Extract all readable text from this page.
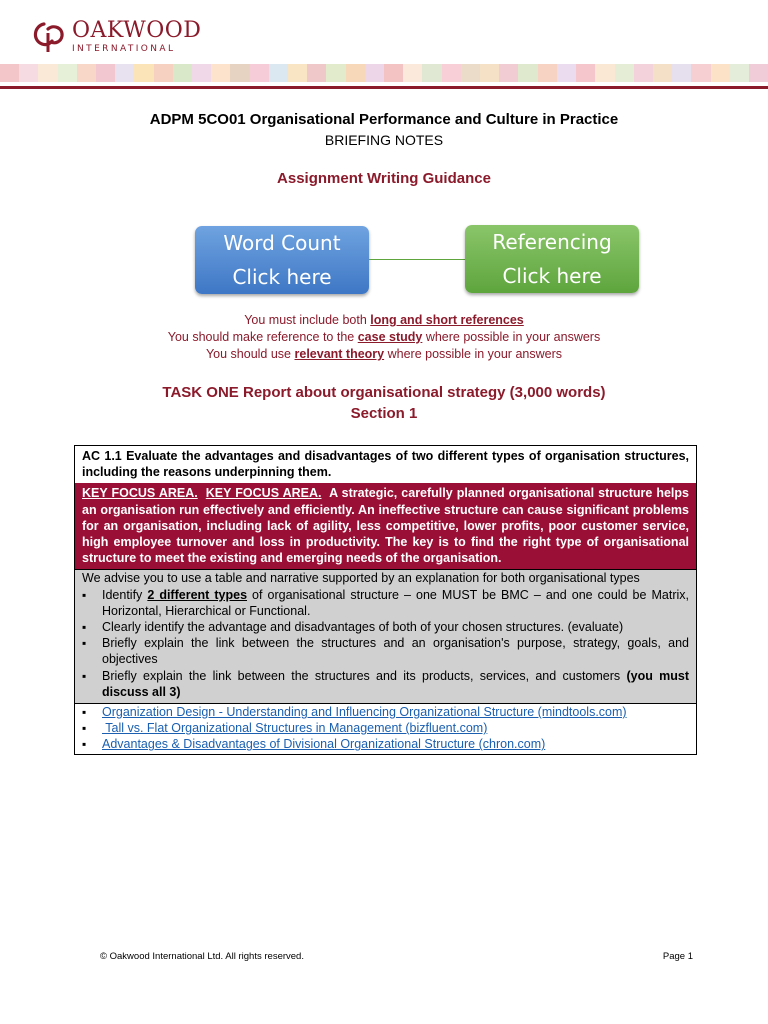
OAKWOOD
INTERNATIONAL
ADPM 5CO01 Organisational Performance and Culture in Practice
BRIEFING NOTES
Assignment Writing Guidance
Word Count
Click here
Referencing
Click here
You must include both long and short references
You should make reference to the case study where possible in your answers
You should use relevant theory where possible in your answers
TASK ONE Report about organisational strategy (3,000 words)
Section 1
AC 1.1 Evaluate the advantages and disadvantages of two different types of organisation structures, including the reasons underpinning them.
KEY FOCUS AREA. KEY FOCUS AREA. A strategic, carefully planned organisational structure helps an organisation run effectively and efficiently. An ineffective structure can cause significant problems for an organisation, including lack of agility, less competitive, lower profits, poor customer service, high employee turnover and loss in productivity. The key is to find the right type of organisational structure to meet the existing and emerging needs of the organisation.
We advise you to use a table and narrative supported by an explanation for both organisational types
▪ Identify 2 different types of organisational structure – one MUST be BMC – and one could be Matrix, Horizontal, Hierarchical or Functional.
▪ Clearly identify the advantage and disadvantages of both of your chosen structures. (evaluate)
▪ Briefly explain the link between the structures and an organisation's purpose, strategy, goals, and objectives
▪ Briefly explain the link between the structures and its products, services, and customers (you must discuss all 3)
▪ Organization Design - Understanding and Influencing Organizational Structure (mindtools.com)
▪  Tall vs. Flat Organizational Structures in Management (bizfluent.com)
▪ Advantages & Disadvantages of Divisional Organizational Structure (chron.com)
© Oakwood International Ltd. All rights reserved.	Page 1
